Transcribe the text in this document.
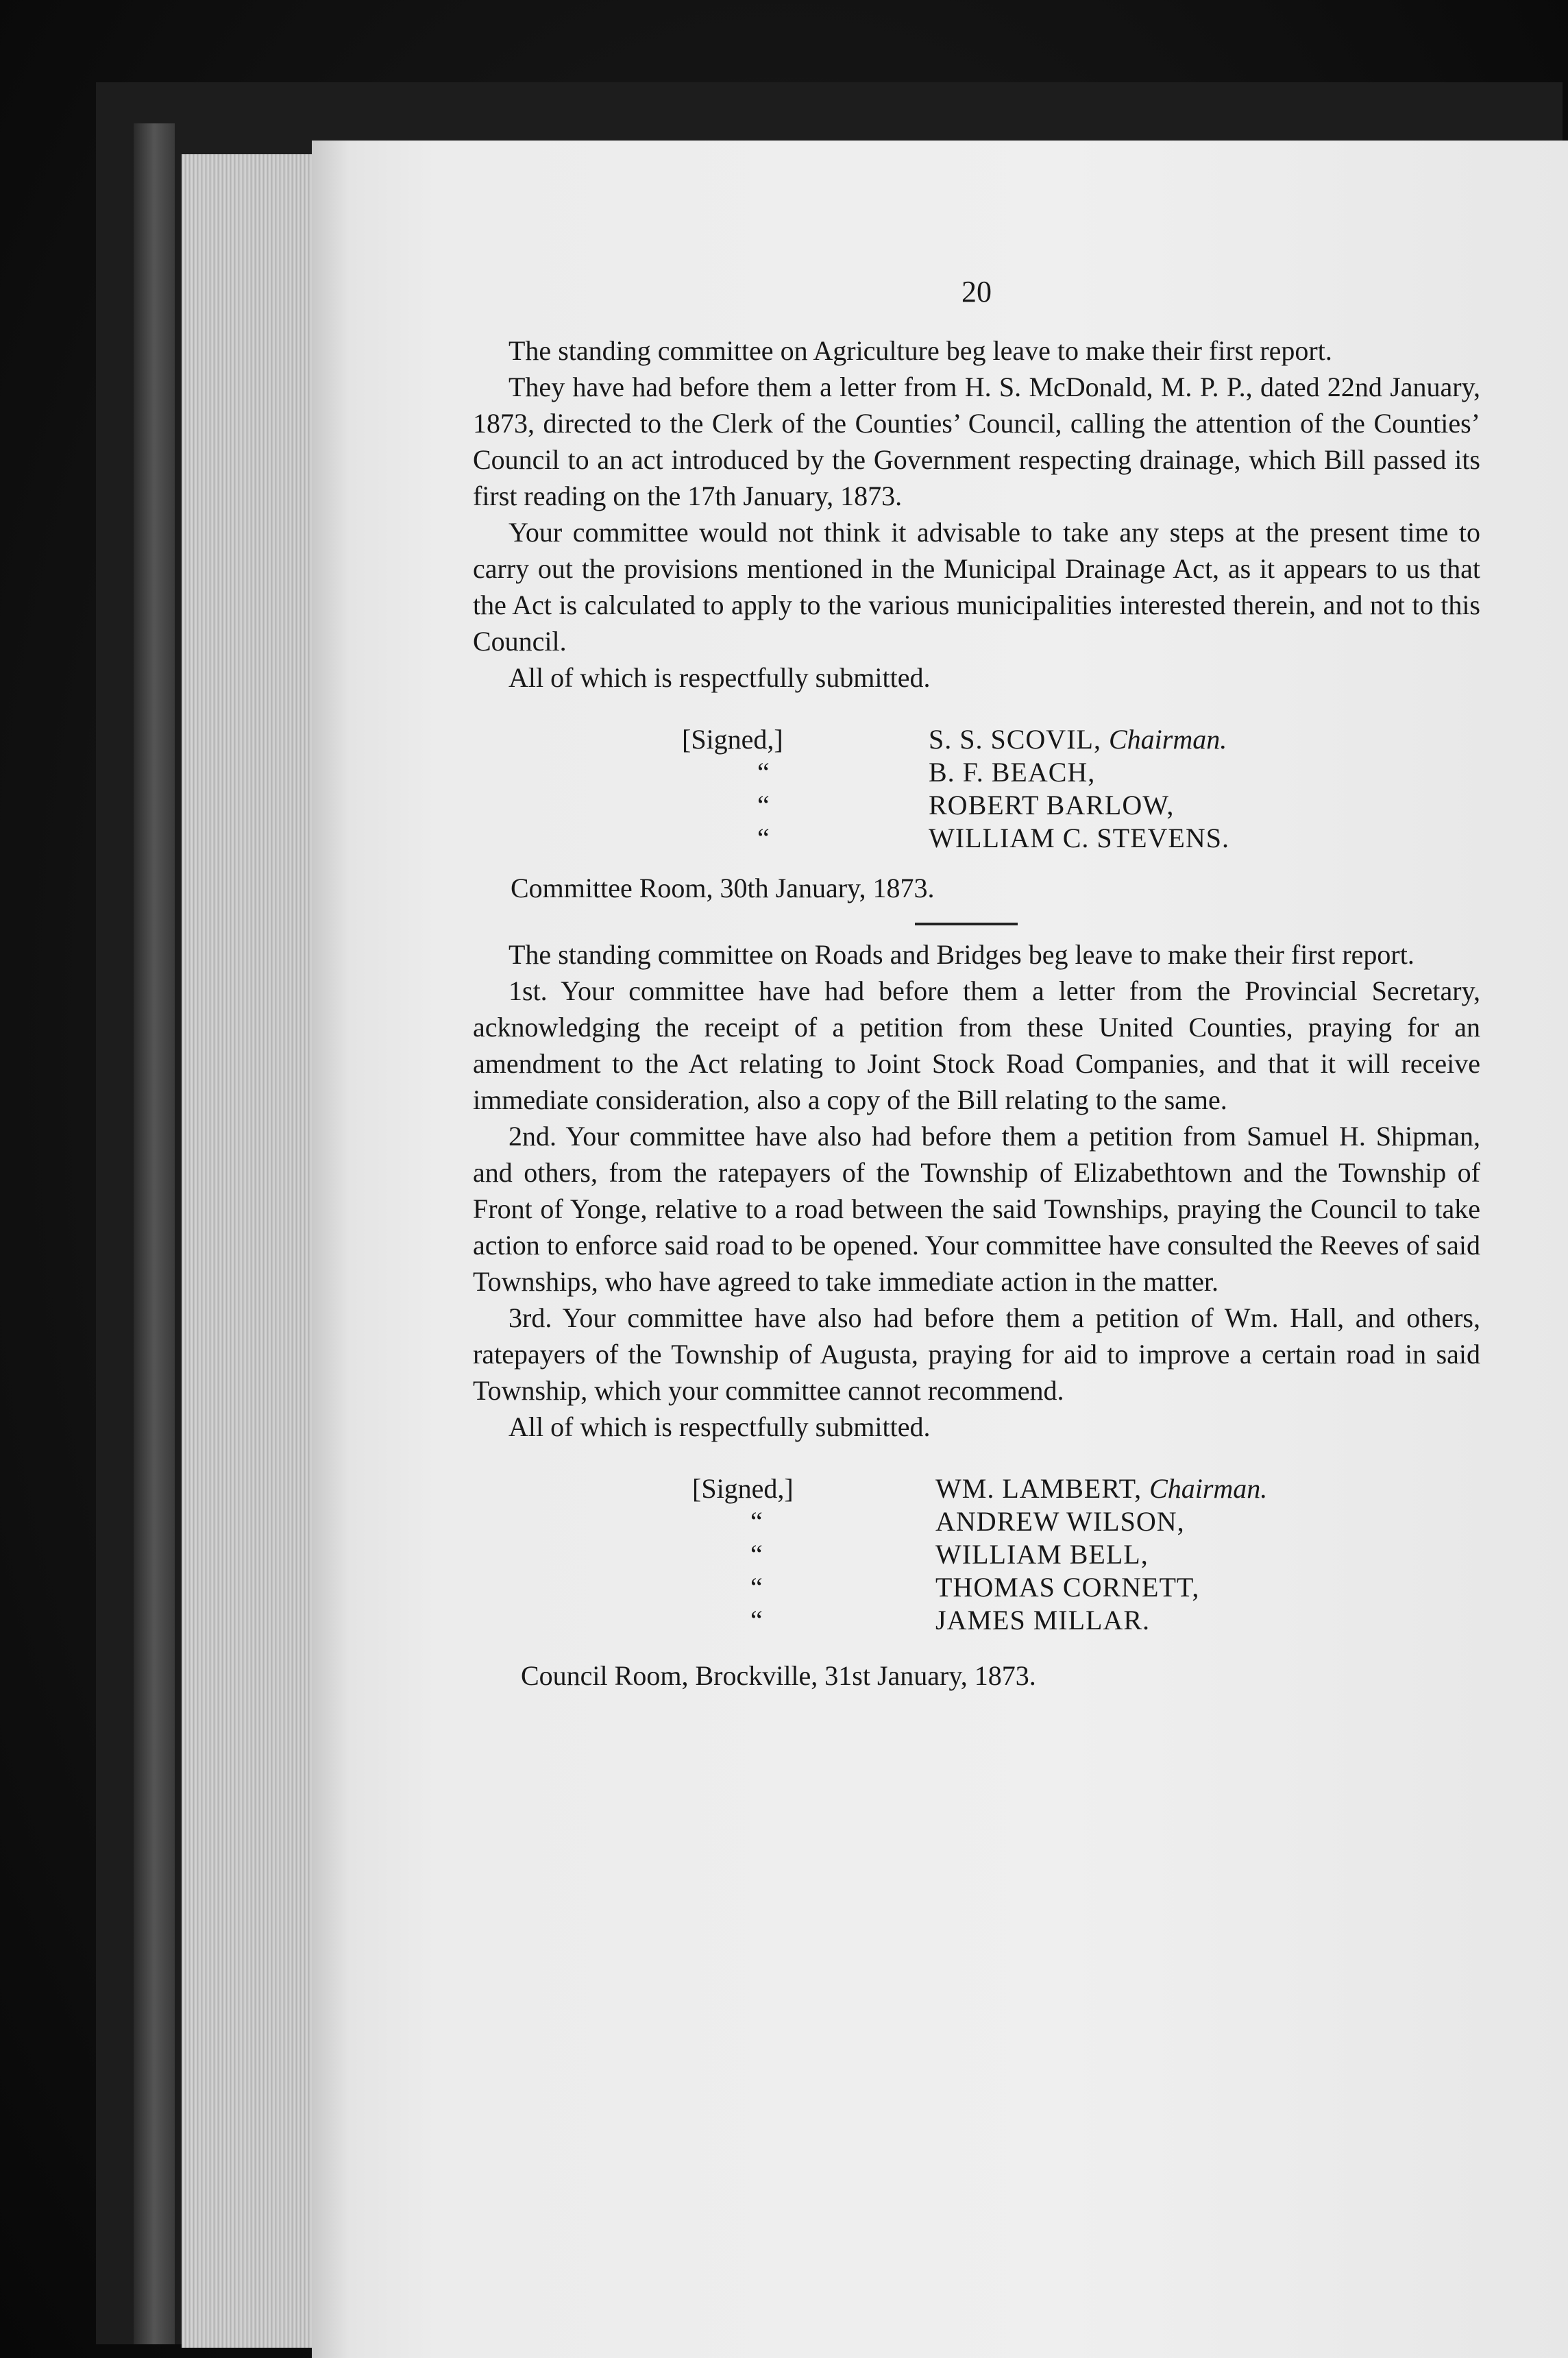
20

The standing committee on Agriculture beg leave to make their first report.

They have had before them a letter from H. S. McDonald, M. P. P., dated 22nd January, 1873, directed to the Clerk of the Counties’ Council, calling the attention of the Counties’ Council to an act introduced by the Government respecting drainage, which Bill passed its first reading on the 17th January, 1873.

Your committee would not think it advisable to take any steps at the present time to carry out the provisions mentioned in the Municipal Drainage Act, as it appears to us that the Act is calculated to apply to the various municipalities interested therein, and not to this Council.

All of which is respectfully submitted.

[Signed,]	S. S. SCOVIL, Chairman.
“	B. F. BEACH,
“	ROBERT BARLOW,
“	WILLIAM C. STEVENS.
Committee Room, 30th January, 1873.

The standing committee on Roads and Bridges beg leave to make their first report.

1st. Your committee have had before them a letter from the Provincial Secretary, acknowledging the receipt of a petition from these United Counties, praying for an amendment to the Act relating to Joint Stock Road Companies, and that it will receive immediate consideration, also a copy of the Bill relating to the same.

2nd. Your committee have also had before them a petition from Samuel H. Shipman, and others, from the ratepayers of the Township of Elizabethtown and the Township of Front of Yonge, relative to a road between the said Townships, praying the Council to take action to enforce said road to be opened. Your committee have consulted the Reeves of said Townships, who have agreed to take immediate action in the matter.

3rd. Your committee have also had before them a petition of Wm. Hall, and others, ratepayers of the Township of Augusta, praying for aid to improve a certain road in said Township, which your committee cannot recommend.

All of which is respectfully submitted.

[Signed,]	WM. LAMBERT, Chairman.
“	ANDREW WILSON,
“	WILLIAM BELL,
“	THOMAS CORNETT,
“	JAMES MILLAR.
Council Room, Brockville, 31st January, 1873.
